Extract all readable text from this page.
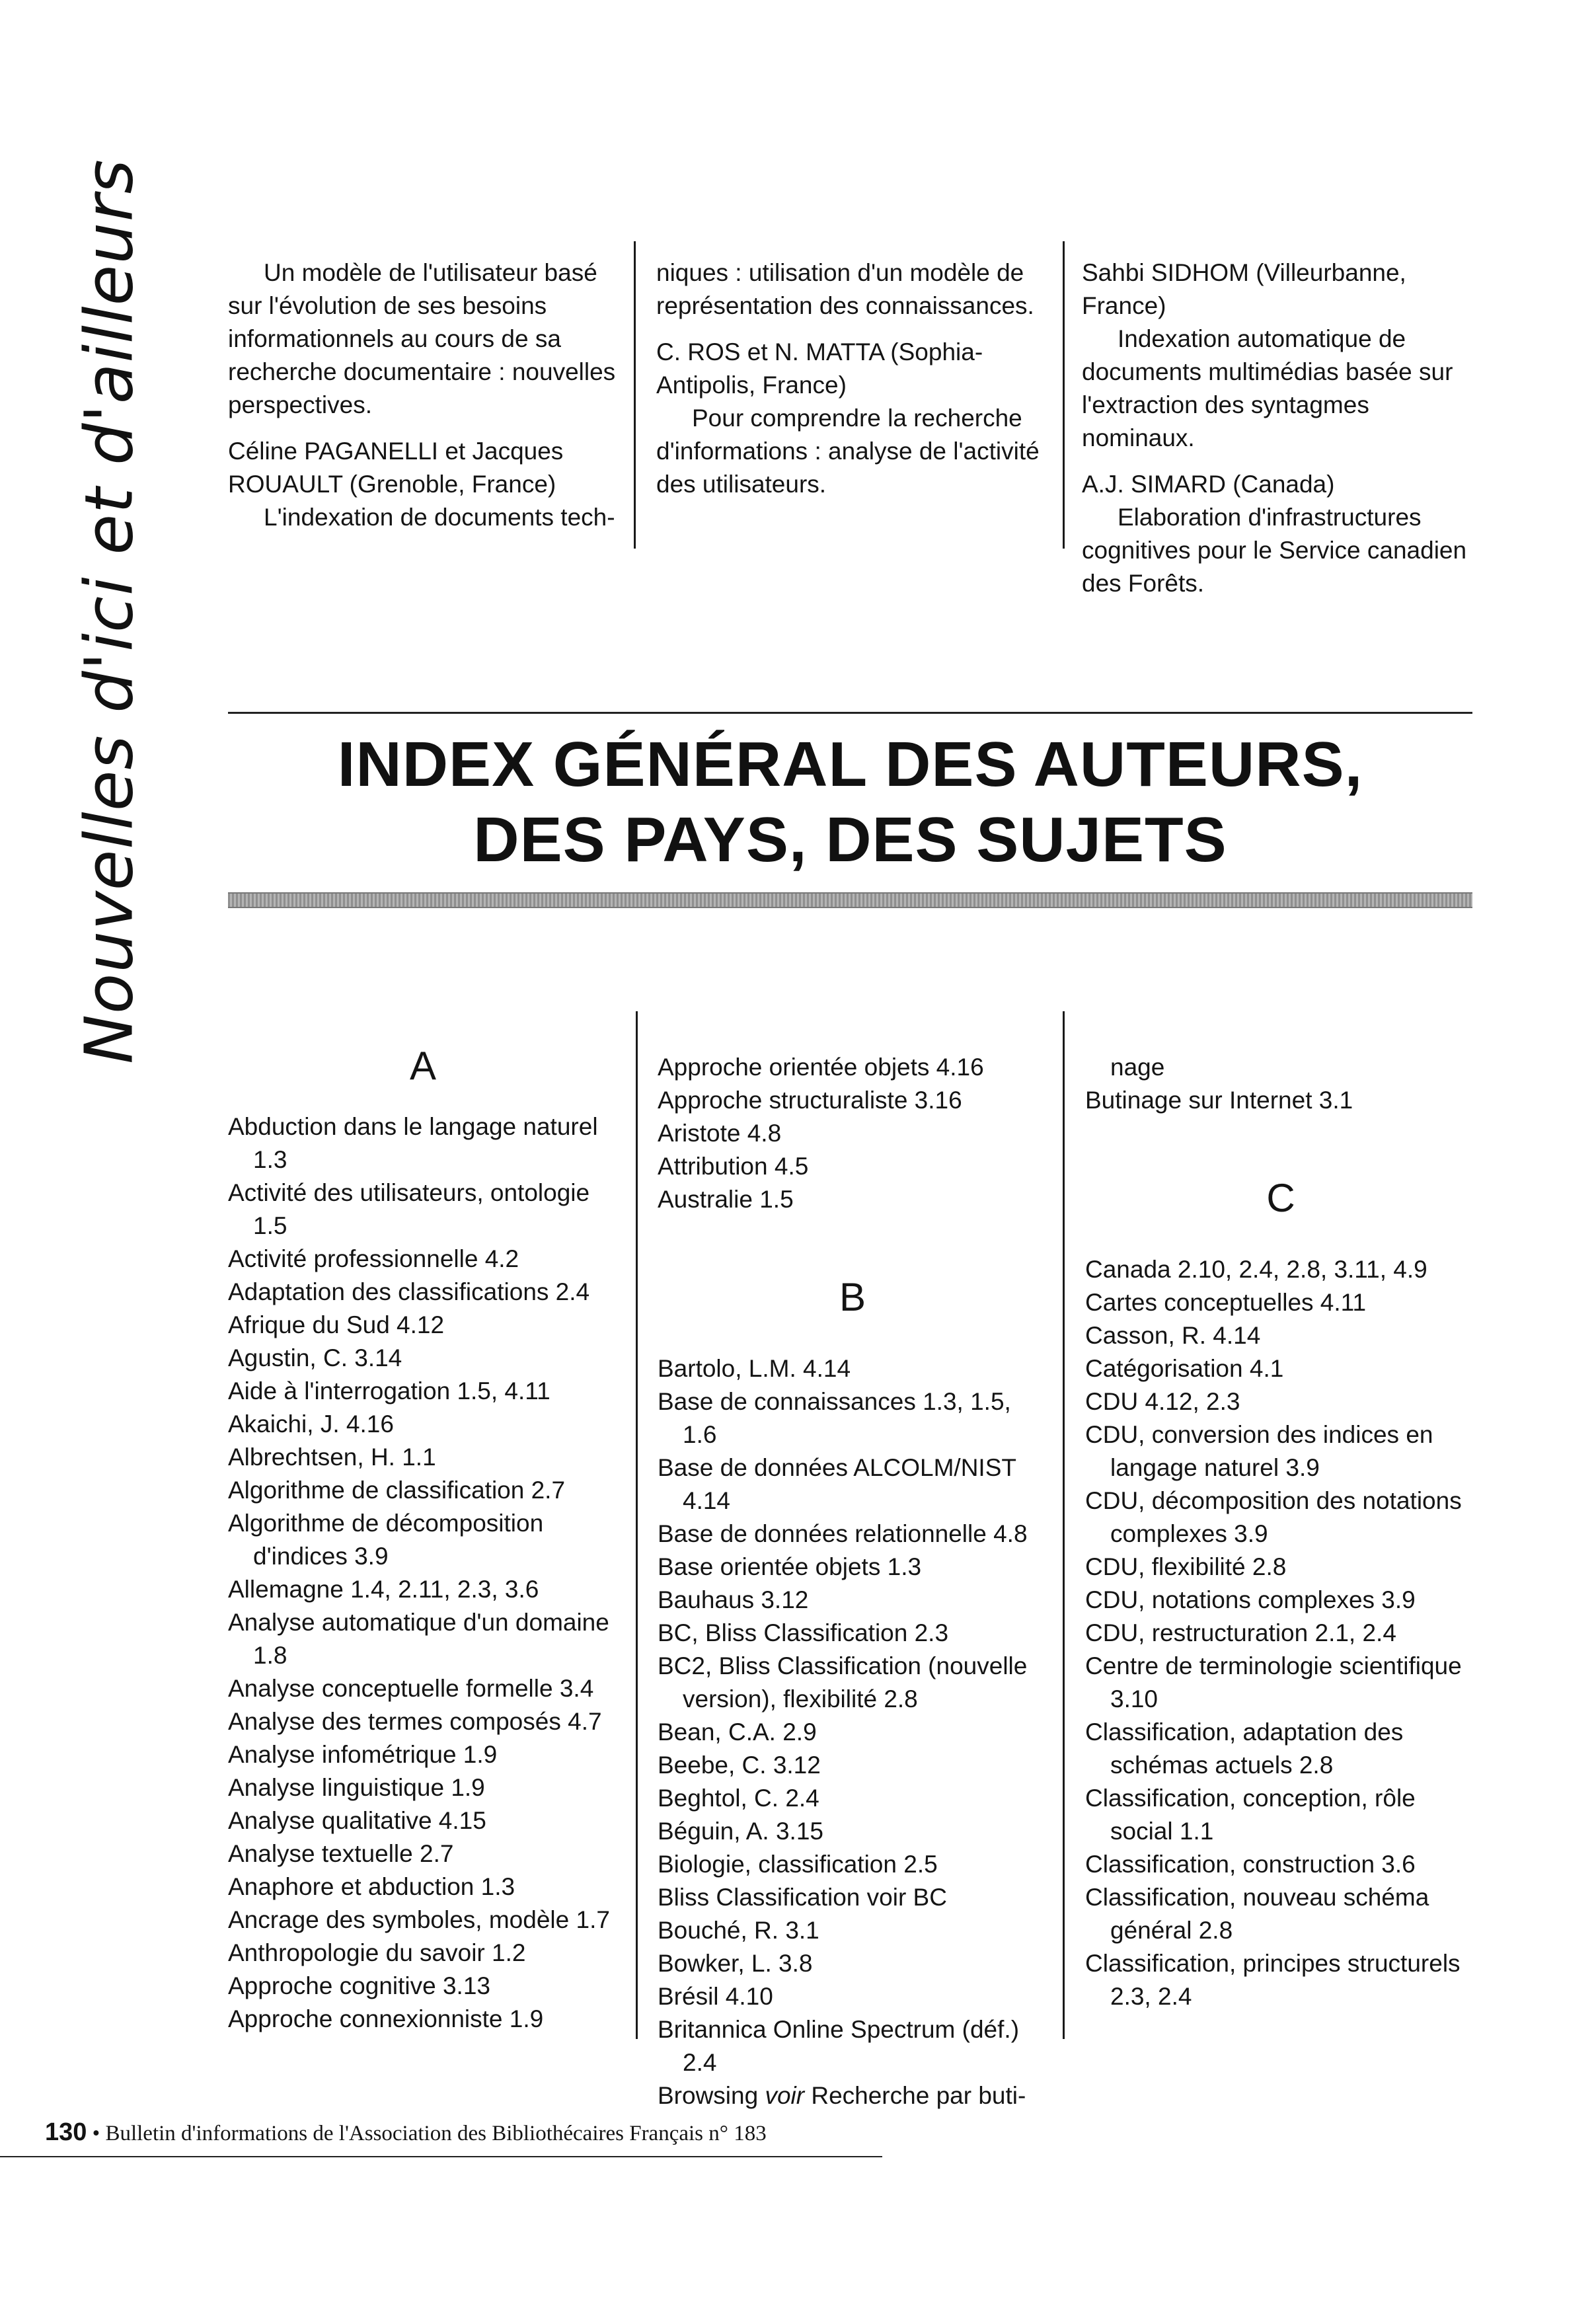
Nouvelles d'ici et d'ailleurs	Un modèle de l'utilisateur basé sur l'évolution de ses besoins informationnels au cours de sa recherche documentaire : nouvelles perspectives.

Céline PAGANELLI et Jacques ROUAULT (Grenoble, France)

L'indexation de documents tech-

niques : utilisation d'un modèle de représentation des connaissances.

C. ROS et N. MATTA (Sophia-Antipolis, France)

Pour comprendre la recherche d'informations : analyse de l'activité des utilisateurs.

Sahbi SIDHOM (Villeurbanne, France)

Indexation automatique de documents multimédias basée sur l'extraction des syntagmes nominaux.

A.J. SIMARD (Canada)

Elaboration d'infrastructures cognitives pour le Service canadien des Forêts.

INDEX GÉNÉRAL DES AUTEURS,
DES PAYS, DES SUJETS

A

Abduction dans le langage naturel 1.3

Activité des utilisateurs, ontologie 1.5

Activité professionnelle 4.2

Adaptation des classifications 2.4

Afrique du Sud 4.12

Agustin, C. 3.14

Aide à l'interrogation 1.5, 4.11

Akaichi, J. 4.16

Albrechtsen, H. 1.1

Algorithme de classification 2.7

Algorithme de décomposition d'indices 3.9

Allemagne 1.4, 2.11, 2.3, 3.6

Analyse automatique d'un domaine 1.8

Analyse conceptuelle formelle 3.4

Analyse des termes composés 4.7

Analyse infométrique 1.9

Analyse linguistique 1.9

Analyse qualitative 4.15

Analyse textuelle 2.7

Anaphore et abduction 1.3

Ancrage des symboles, modèle 1.7

Anthropologie du savoir 1.2

Approche cognitive 3.13

Approche connexionniste 1.9

Approche orientée objets 4.16

Approche structuraliste 3.16

Aristote 4.8

Attribution 4.5

Australie 1.5

B

Bartolo, L.M. 4.14

Base de connaissances 1.3, 1.5, 1.6

Base de données ALCOLM/NIST 4.14

Base de données relationnelle 4.8

Base orientée objets 1.3

Bauhaus 3.12

BC, Bliss Classification 2.3

BC2, Bliss Classification (nouvelle version), flexibilité 2.8

Bean, C.A. 2.9

Beebe, C. 3.12

Beghtol, C. 2.4

Béguin, A. 3.15

Biologie, classification 2.5

Bliss Classification voir BC

Bouché, R. 3.1

Bowker, L. 3.8

Brésil 4.10

Britannica Online Spectrum (déf.) 2.4

Browsing voir Recherche par buti-

nage

Butinage sur Internet 3.1

C

Canada 2.10, 2.4, 2.8, 3.11, 4.9

Cartes conceptuelles 4.11

Casson, R. 4.14

Catégorisation 4.1

CDU 4.12, 2.3

CDU, conversion des indices en langage naturel 3.9

CDU, décomposition des notations complexes 3.9

CDU, flexibilité 2.8

CDU, notations complexes 3.9

CDU, restructuration 2.1, 2.4

Centre de terminologie scientifique 3.10

Classification, adaptation des schémas actuels 2.8

Classification, conception, rôle social 1.1

Classification, construction 3.6

Classification, nouveau schéma général 2.8

Classification, principes structurels 2.3, 2.4

130 • Bulletin d'informations de l'Association des Bibliothécaires Français n° 183
